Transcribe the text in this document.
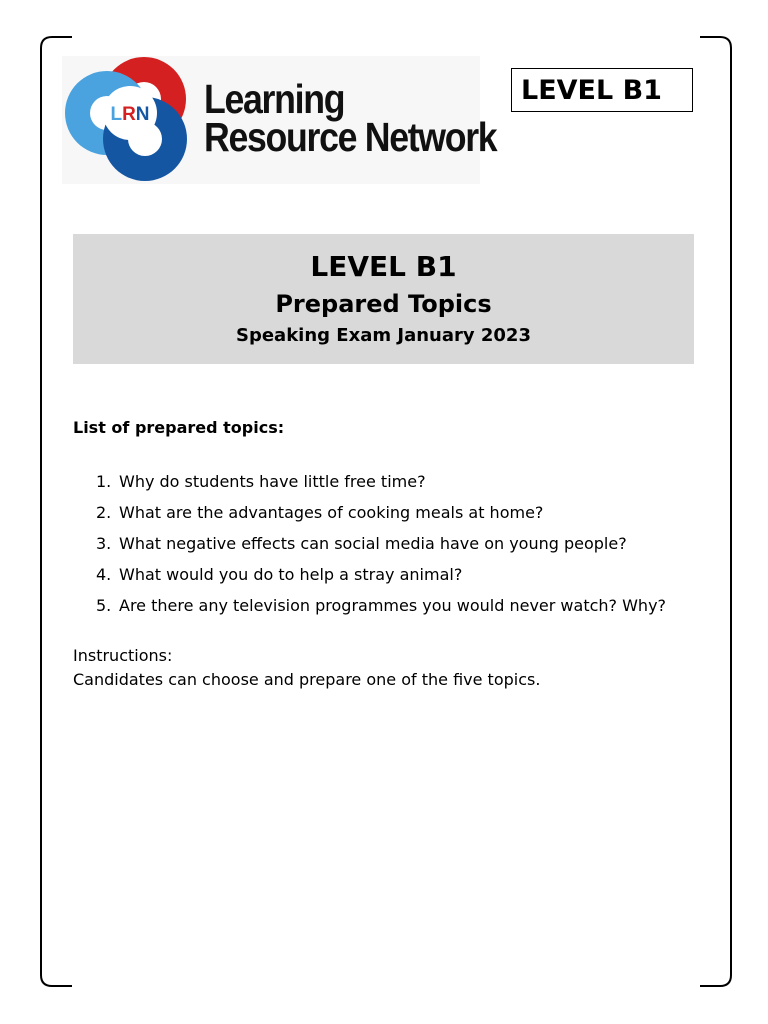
LRN Learning
Resource Network
LEVEL B1
LEVEL B1
Prepared Topics
Speaking Exam January 2023
List of prepared topics:
1. Why do students have little free time?
2. What are the advantages of cooking meals at home?
3. What negative effects can social media have on young people?
4. What would you do to help a stray animal?
5. Are there any television programmes you would never watch? Why?
Instructions:
Candidates can choose and prepare one of the five topics.
